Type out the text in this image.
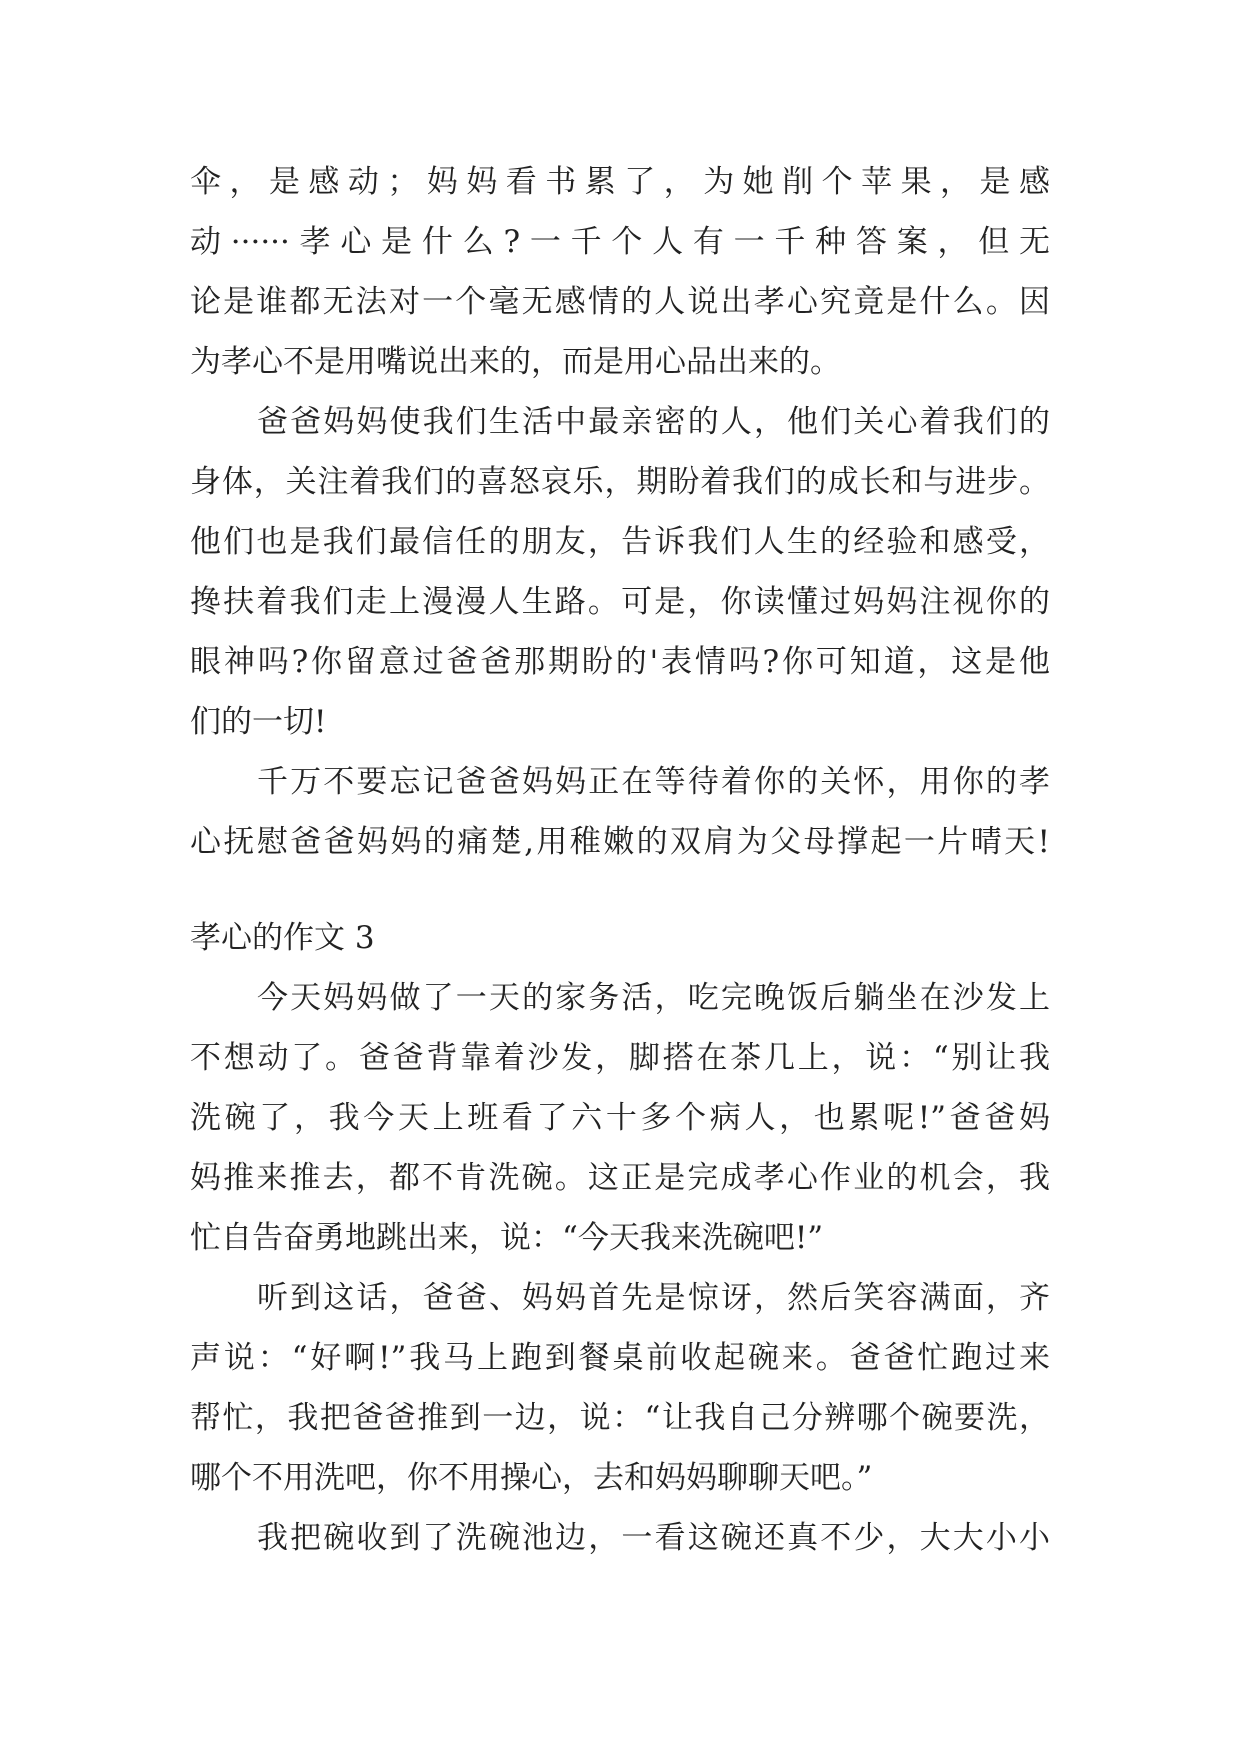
伞，是感动；妈妈看书累了，为她削个苹果，是感
动······孝心是什么?一千个人有一千种答案，但无
论是谁都无法对一个毫无感情的人说出孝心究竟是什么。因
为孝心不是用嘴说出来的，而是用心品出来的。
爸爸妈妈使我们生活中最亲密的人，他们关心着我们的
身体，关注着我们的喜怒哀乐，期盼着我们的成长和与进步。
他们也是我们最信任的朋友，告诉我们人生的经验和感受，
搀扶着我们走上漫漫人生路。可是，你读懂过妈妈注视你的
眼神吗?你留意过爸爸那期盼的'表情吗?你可知道，这是他
们的一切!
千万不要忘记爸爸妈妈正在等待着你的关怀，用你的孝
心抚慰爸爸妈妈的痛楚,用稚嫩的双肩为父母撑起一片晴天!
孝心的作文 3
今天妈妈做了一天的家务活，吃完晚饭后躺坐在沙发上
不想动了。爸爸背靠着沙发，脚搭在茶几上，说：“别让我
洗碗了，我今天上班看了六十多个病人，也累呢!”爸爸妈
妈推来推去，都不肯洗碗。这正是完成孝心作业的机会，我
忙自告奋勇地跳出来，说：“今天我来洗碗吧!”
听到这话，爸爸、妈妈首先是惊讶，然后笑容满面，齐
声说：“好啊!”我马上跑到餐桌前收起碗来。爸爸忙跑过来
帮忙，我把爸爸推到一边，说：“让我自己分辨哪个碗要洗，
哪个不用洗吧，你不用操心，去和妈妈聊聊天吧。”
我把碗收到了洗碗池边，一看这碗还真不少，大大小小
